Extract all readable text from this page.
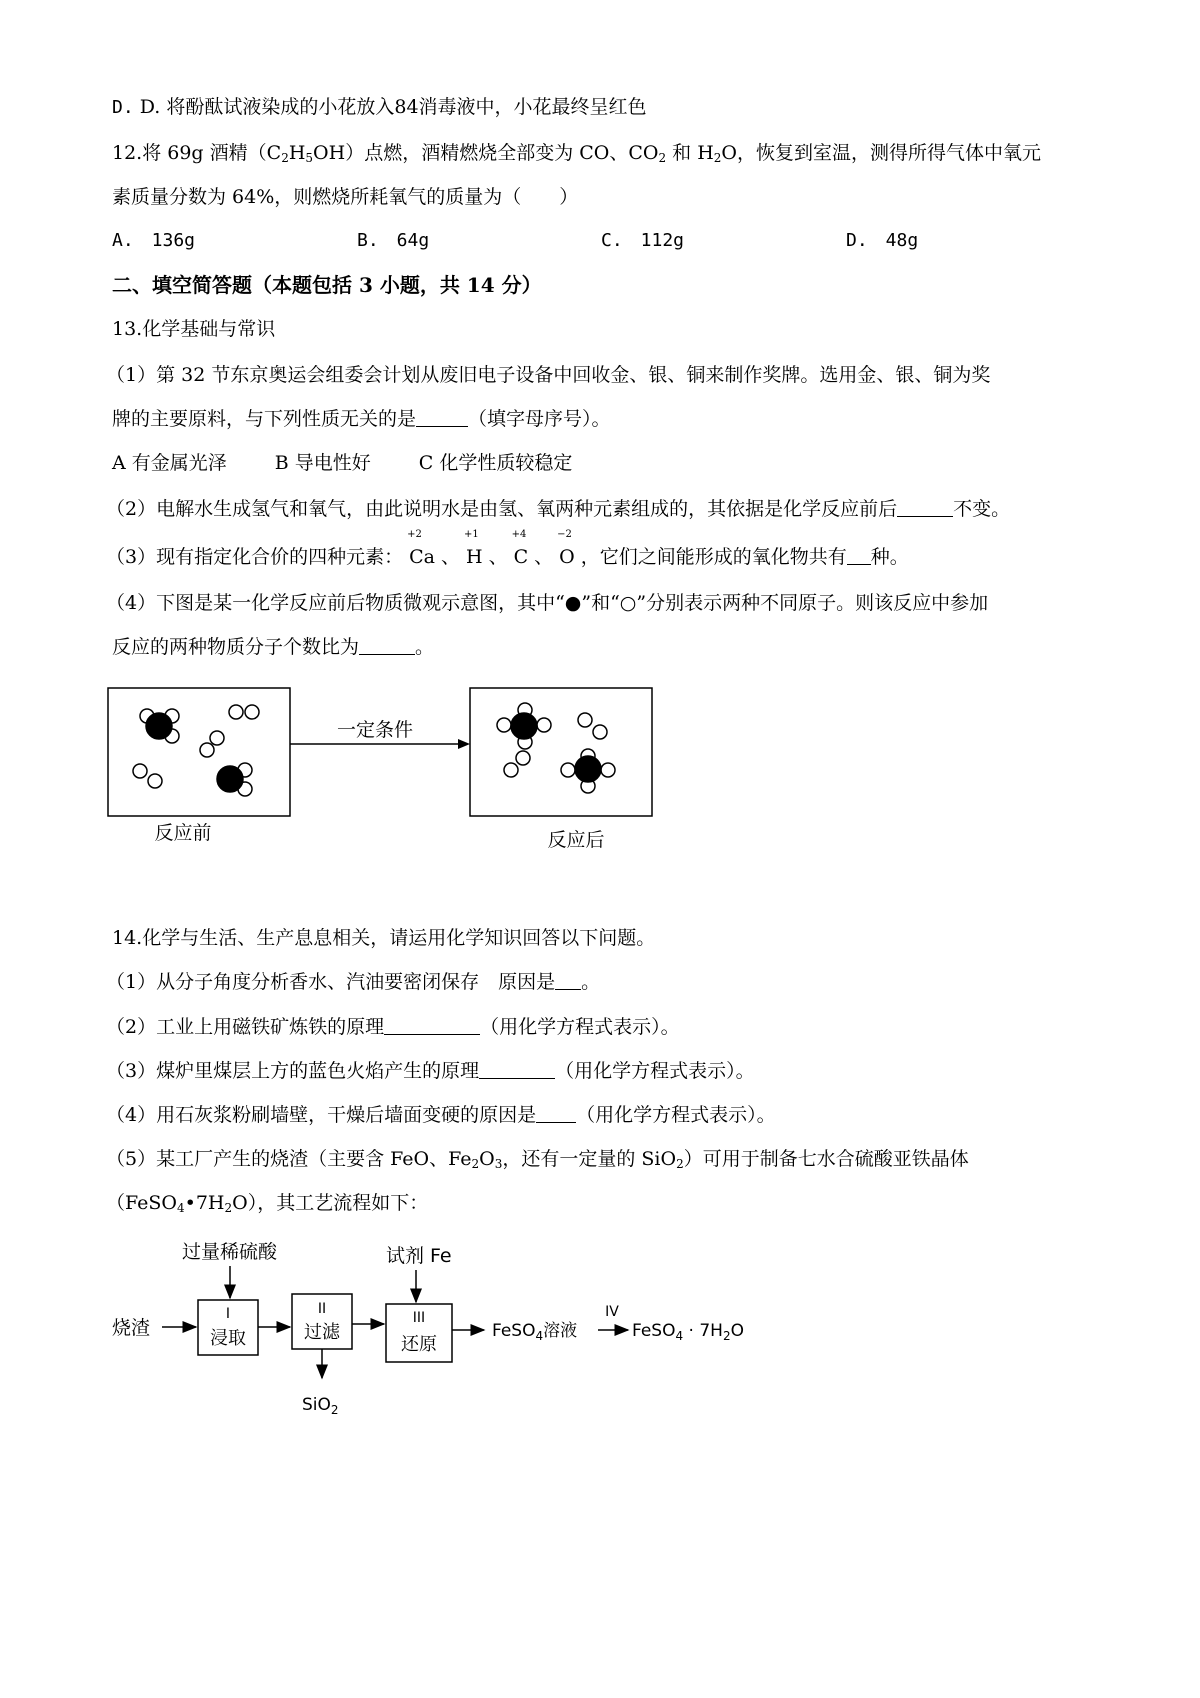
D. D. 将酚酞试液染成的小花放入84消毒液中，小花最终呈红色
12.将 69g 酒精$(C_2H_5OH)$点燃，酒精燃烧全部变为 CO、$CO_2$ 和 $H_2O$，恢复到室温，测得所得气体中氧元
素质量分数为 64%，则燃烧所耗氧气的质量为（　　）
A.　136g	B.　64g	C.　112g	D.　48g
二、填空简答题（本题包括 3 小题，共 14 分）
13.化学基础与常识
（1）第 32 节东京奥运会组委会计划从废旧电子设备中回收金、银、铜来制作奖牌。选用金、银、铜为奖
牌的主要原料，与下列性质无关的是	（填字母序号）。
A 有金属光泽	B 导电性好	C 化学性质较稳定
（2）电解水生成氢气和氧气，由此说明水是由氢、氧两种元素组成的，其依据是化学反应前后	不变。
（3）现有指定化合价的四种元素：
+2
Ca 、
+1
H 、
+4
C 、
−2
O ，它们之间能形成的氧化物共有 种。
（4）下图是某一化学反应前后物质微观示意图，其中“●”和“○”分别表示两种不同原子。则该反应中参加
反应的两种物质分子个数比为	。
一定条件
反应前	反应后
14.化学与生活、生产息息相关，请运用化学知识回答以下问题。
（1）从分子角度分析香水、汽油要密闭保存　原因是 。
（2）工业上用磁铁矿炼铁的原理	（用化学方程式表示）。
（3）煤炉里煤层上方的蓝色火焰产生的原理	（用化学方程式表示）。
（4）用石灰浆粉刷墙壁，干燥后墙面变硬的原因是 （用化学方程式表示）。
（5）某工厂产生的烧渣（主要含 FeO、$Fe_2O_3$，还有一定量的 SiO$_2$）可用于制备七水合硫酸亚铁晶体
$(FeSO_4•7H_2O)$，其工艺流程如下：
烧渣
过量稀硫酸	试剂 Fe
I
浸取
II
过滤
III
还原
IV
SiO$_2$
FeSO$_4$溶液	FeSO$_4$ · $7H_2O$
